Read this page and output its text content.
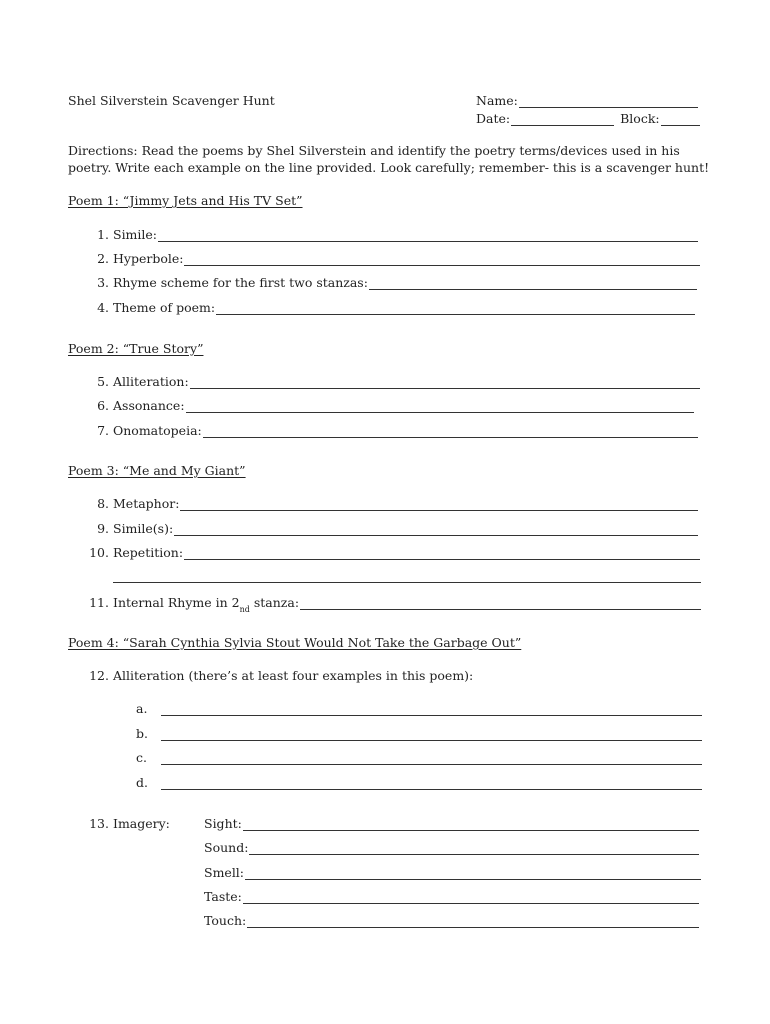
Shel Silverstein Scavenger Hunt	Name:
Date:	Block:
Directions: Read the poems by Shel Silverstein and identify the poetry terms/devices used in his
poetry. Write each example on the line provided. Look carefully; remember- this is a scavenger hunt!
Poem 1: “Jimmy Jets and His TV Set”
1. Simile:
2. Hyperbole:
3. Rhyme scheme for the first two stanzas:
4. Theme of poem:
Poem 2: “True Story”
5. Alliteration:
6. Assonance:
7. Onomatopeia:
Poem 3: “Me and My Giant”
8. Metaphor:
9. Simile(s):
10. Repetition:
11. Internal Rhyme in 2 nd stanza:
Poem 4: “Sarah Cynthia Sylvia Stout Would Not Take the Garbage Out”
12. Alliteration (there’s at least four examples in this poem):
a.
b.
c.
d.
13. Imagery:	Sight:
Sound:
Smell:
Taste:
Touch:
